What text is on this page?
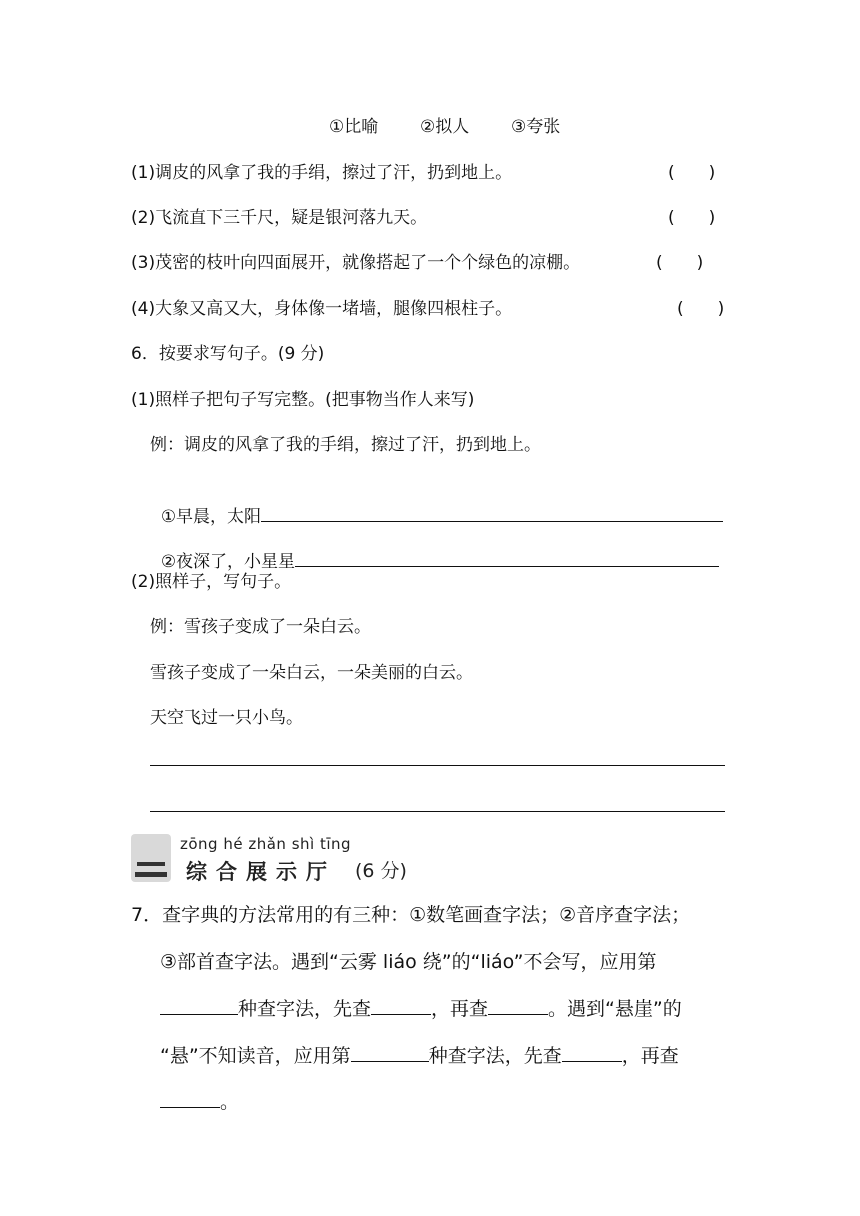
①比喻 ②拟人 ③夸张
(1)调皮的风拿了我的手绢，擦过了汗，扔到地上。	(　　)
(2)飞流直下三千尺，疑是银河落九天。	(　　)
(3)茂密的枝叶向四面展开，就像搭起了一个个绿色的凉棚。	(　　)
(4)大象又高又大，身体像一堵墙，腿像四根柱子。	(　　)
6．按要求写句子。(9 分)
(1)照样子把句子写完整。(把事物当作人来写)
例：调皮的风拿了我的手绢，擦过了汗，扔到地上。

①早晨，太阳

②夜深了，小星星

(2)照样子，写句子。
例：雪孩子变成了一朵白云。
雪孩子变成了一朵白云，一朵美丽的白云。
天空飞过一只小鸟。
zōng hé zhǎn shì tīng
综合展示厅 (6 分)
7．查字典的方法常用的有三种：①数笔画查字法；②音序查字法；
③部首查字法。遇到“云雾 liáo 绕”的“liáo”不会写，应用第
种查字法，先查	，再查	。遇到“悬崖”的
“悬”不知读音，应用第	种查字法，先查	，再查
。
